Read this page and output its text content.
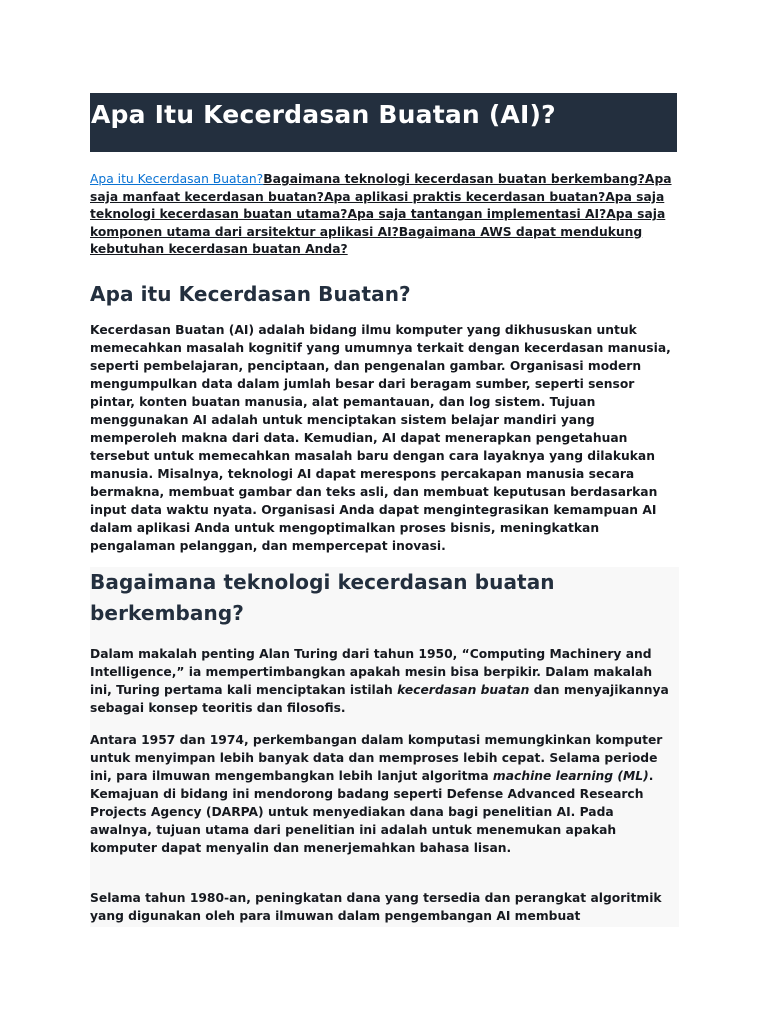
Apa Itu Kecerdasan Buatan (AI)?
Apa itu Kecerdasan Buatan?Bagaimana teknologi kecerdasan buatan berkembang?Apa saja manfaat kecerdasan buatan?Apa aplikasi praktis kecerdasan buatan?Apa saja teknologi kecerdasan buatan utama?Apa saja tantangan implementasi AI?Apa saja komponen utama dari arsitektur aplikasi AI?Bagaimana AWS dapat mendukung kebutuhan kecerdasan buatan Anda?
Apa itu Kecerdasan Buatan?

Kecerdasan Buatan (AI) adalah bidang ilmu komputer yang dikhususkan untuk memecahkan masalah kognitif yang umumnya terkait dengan kecerdasan manusia, seperti pembelajaran, penciptaan, dan pengenalan gambar. Organisasi modern mengumpulkan data dalam jumlah besar dari beragam sumber, seperti sensor pintar, konten buatan manusia, alat pemantauan, dan log sistem. Tujuan menggunakan AI adalah untuk menciptakan sistem belajar mandiri yang memperoleh makna dari data. Kemudian, AI dapat menerapkan pengetahuan tersebut untuk memecahkan masalah baru dengan cara layaknya yang dilakukan manusia. Misalnya, teknologi AI dapat merespons percakapan manusia secara bermakna, membuat gambar dan teks asli, dan membuat keputusan berdasarkan input data waktu nyata. Organisasi Anda dapat mengintegrasikan kemampuan AI dalam aplikasi Anda untuk mengoptimalkan proses bisnis, meningkatkan pengalaman pelanggan, dan mempercepat inovasi.

Bagaimana teknologi kecerdasan buatan berkembang?

Dalam makalah penting Alan Turing dari tahun 1950, “Computing Machinery and Intelligence,” ia mempertimbangkan apakah mesin bisa berpikir. Dalam makalah ini, Turing pertama kali menciptakan istilah kecerdasan buatan dan menyajikannya sebagai konsep teoritis dan filosofis.

Antara 1957 dan 1974, perkembangan dalam komputasi memungkinkan komputer untuk menyimpan lebih banyak data dan memproses lebih cepat. Selama periode ini, para ilmuwan mengembangkan lebih lanjut algoritma machine learning (ML). Kemajuan di bidang ini mendorong badang seperti Defense Advanced Research Projects Agency (DARPA) untuk menyediakan dana bagi penelitian AI. Pada awalnya, tujuan utama dari penelitian ini adalah untuk menemukan apakah komputer dapat menyalin dan menerjemahkan bahasa lisan.

Selama tahun 1980-an, peningkatan dana yang tersedia dan perangkat algoritmik yang digunakan oleh para ilmuwan dalam pengembangan AI membuat
